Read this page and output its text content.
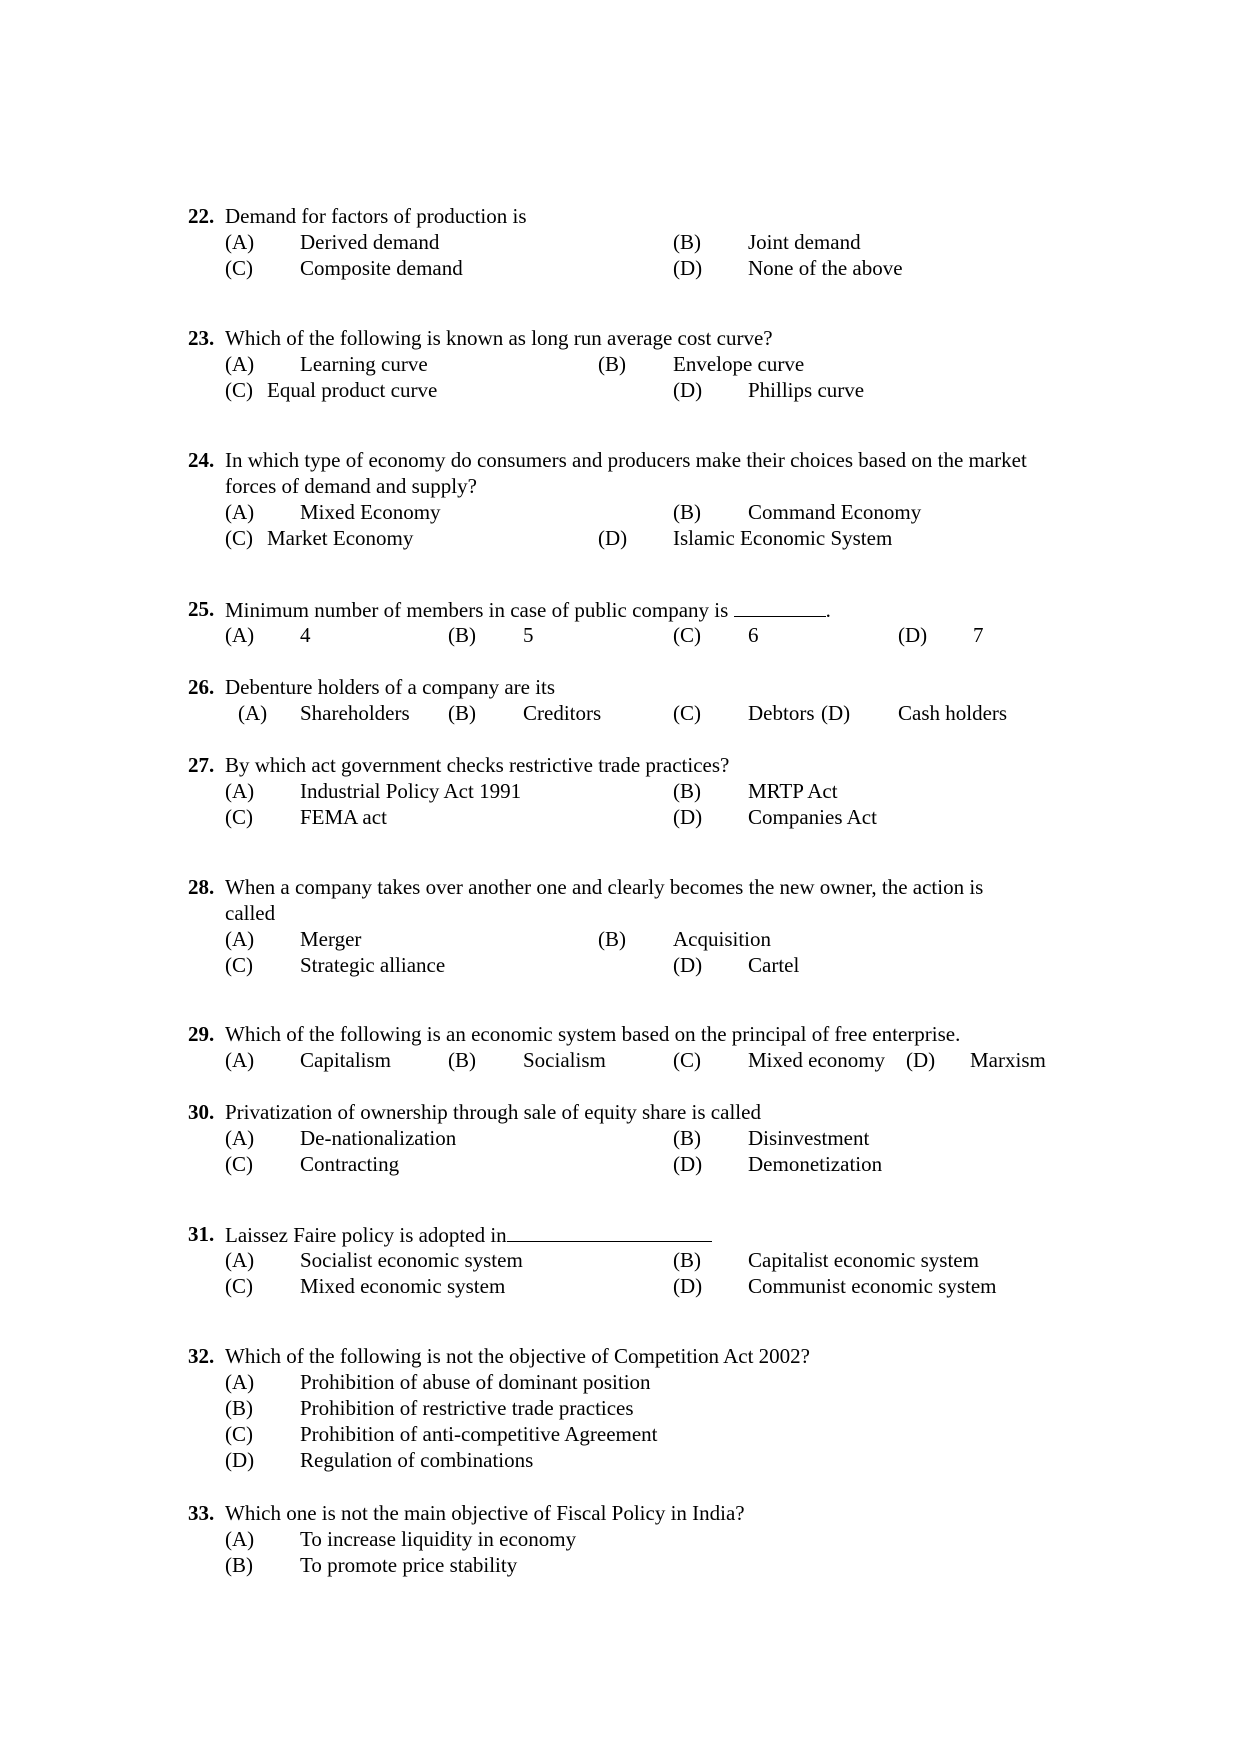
22. Demand for factors of production is
(A) Derived demand	(B) Joint demand
(C) Composite demand	(D) None of the above
23. Which of the following is known as long run average cost curve?
(A) Learning curve	(B) Envelope curve
(C) Equal product curve	(D) Phillips curve
24. In which type of economy do consumers and producers make their choices based on the market
forces of demand and supply?
(A) Mixed Economy	(B) Command Economy
(C) Market Economy	(D) Islamic Economic System
25. Minimum number of members in case of public company is	.
(A) 4	(B) 5	(C) 6	(D) 7
26. Debenture holders of a company are its
(A) Shareholders (B) Creditors	(C) Debtors (D) Cash holders
27. By which act government checks restrictive trade practices?
(A) Industrial Policy Act 1991	(B) MRTP Act
(C) FEMA act	(D) Companies Act
28. When a company takes over another one and clearly becomes the new owner, the action is
called
(A) Merger	(B) Acquisition
(C) Strategic alliance	(D) Cartel
29. Which of the following is an economic system based on the principal of free enterprise.
(A) Capitalism	(B) Socialism	(C) Mixed economy (D) Marxism
30. Privatization of ownership through sale of equity share is called
(A) De-nationalization	(B) Disinvestment
(C) Contracting	(D) Demonetization
31. Laissez Faire policy is adopted in
(A) Socialist economic system	(B) Capitalist economic system
(C) Mixed economic system	(D) Communist economic system
32. Which of the following is not the objective of Competition Act 2002?
(A) Prohibition of abuse of dominant position
(B) Prohibition of restrictive trade practices
(C) Prohibition of anti-competitive Agreement
(D) Regulation of combinations
33. Which one is not the main objective of Fiscal Policy in India?
(A) To increase liquidity in economy
(B) To promote price stability
